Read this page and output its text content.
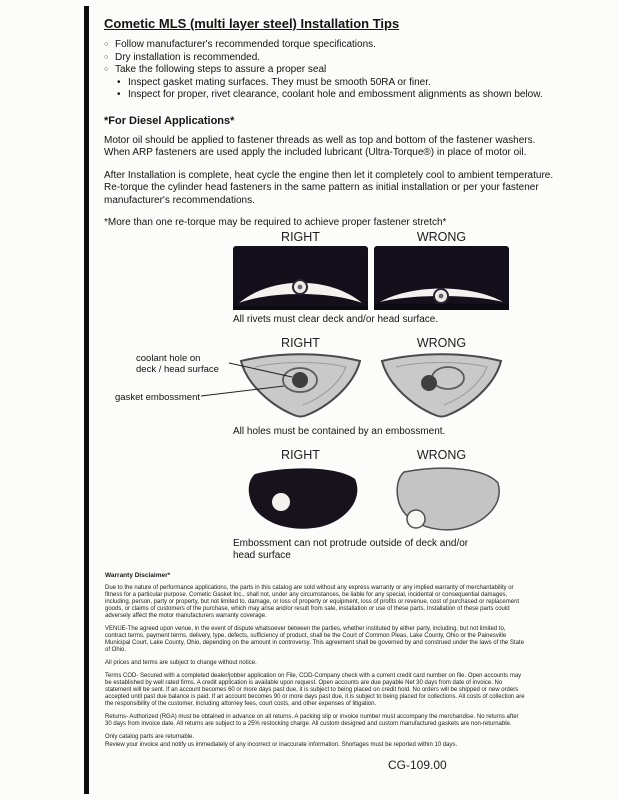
Cometic MLS (multi layer steel) Installation Tips
○ Follow manufacturer's recommended torque specifications.
○ Dry installation is recommended.
○ Take the following steps to assure a proper seal
• Inspect gasket mating surfaces. They must be smooth 50RA or finer.
• Inspect for proper, rivet clearance, coolant hole and embossment alignments as shown below.
*For Diesel Applications*

Motor oil should be applied to fastener threads as well as top and bottom of the fastener washers. When ARP fasteners are used apply the included lubricant (Ultra-Torque®) in place of motor oil.

After Installation is complete, heat cycle the engine then let it completely cool to ambient temperature. Re-torque the cylinder head fasteners in the same pattern as initial installation or per your fastener manufacturer's recommendations.

*More than one re-torque may be required to achieve proper fastener stretch*

RIGHT	WRONG
All rivets must clear deck and/or head surface.
RIGHT	WRONG
coolant hole on
deck / head surface
gasket embossment
All holes must be contained by an embossment.
RIGHT	WRONG
Embossment can not protrude outside of deck and/or head surface
Warranty Disclaimer*

Due to the nature of performance applications, the parts in this catalog are sold without any express warranty or any implied warranty of merchantability or fitness for a particular purpose. Cometic Gasket Inc., shall not, under any circumstances, be liable for any special, incidental or consequential damages, including, person, party or property, but not limited to, damage, or loss of property or equipment, loss of profits or revenue, cost of purchased or replacement goods, or claims of customers of the purchase, which may arise and/or result from sale, installation or use of these parts. Installation of these parts could adversely affect the motor manufacturers warranty coverage.

VENUE-The agreed upon venue, in the event of dispute whatsoever between the parties, whether instituted by either party, including, but not limited to, contract terms, payment terms, delivery, type, defects, sufficiency of product, shall be the Court of Common Pleas, Lake County, Ohio or the Painesville Municipal Court, Lake County, Ohio, depending on the amount in controversy. This agreement shall be governed by and construed under the laws of the State of Ohio.

All prices and terms are subject to change without notice.

Terms COD- Secured with a completed dealer/jobber application on File, COD-Company check with a current credit card number on file. Open accounts may be established by well rated firms. A credit application is available upon request. Open accounts are due payable Net 30 days from date of invoice. No statement will be sent. If an account becomes 60 or more days past due, it is subject to being placed on credit hold. No orders will be shipped or new orders accepted until past due balance is paid. If an account becomes 90 or more days past due, it is subject to being placed for collections. All costs of collection are the responsibility of the customer, including attorney fees, court costs, and other expenses of litigation.

Returns- Authorized (RGA) must be obtained in advance on all returns. A packing slip or invoice number must accompany the merchandise. No returns after 30 days from invoice date. All returns are subject to a 25% restocking charge. All custom designed and custom manufactured gaskets are non-returnable.

Only catalog parts are returnable.

Review your invoice and notify us immediately of any incorrect or inaccurate information. Shortages must be reported within 10 days.

CG-109.00
